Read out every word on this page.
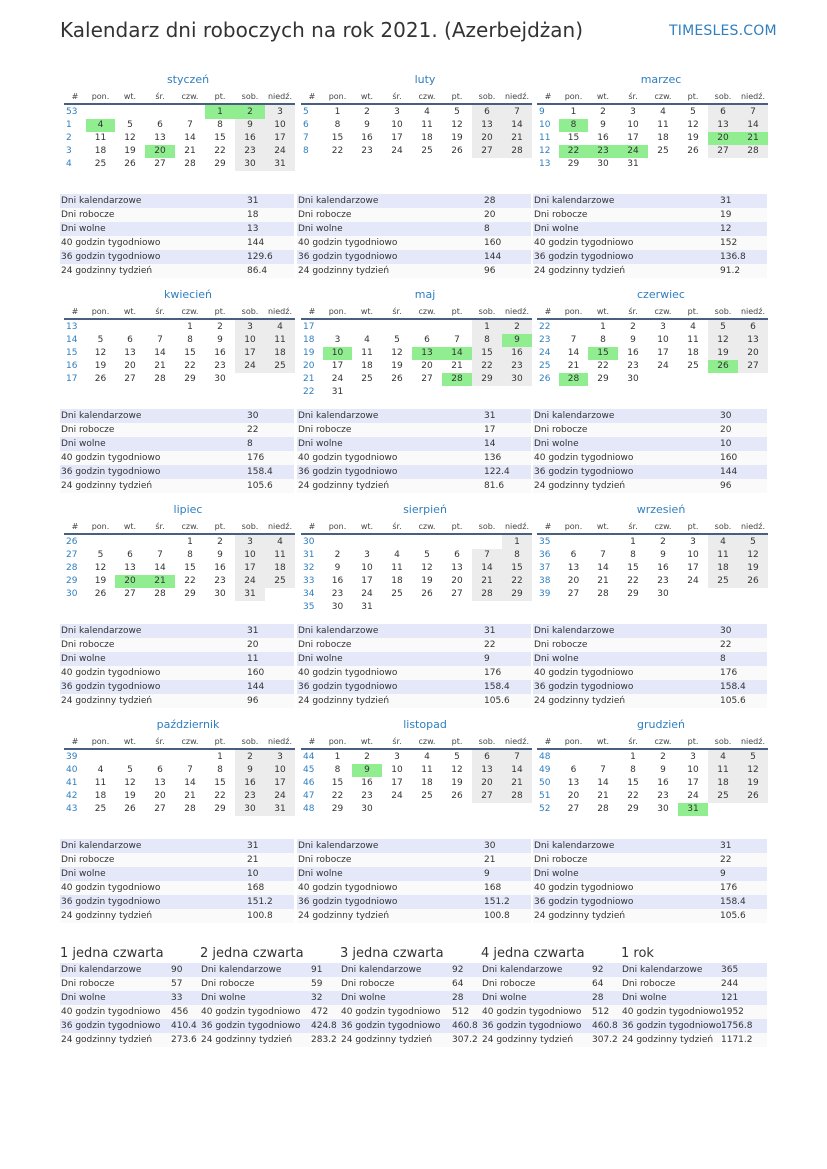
Kalendarz dni roboczych na rok 2021. (Azerbejdżan)	TIMESLES.COM
styczeń
#	pon.	wt.	śr.	czw.	pt.	sob.	niedź.
53					1	2	3
1	4	5	6	7	8	9	10
2	11	12	13	14	15	16	17
3	18	19	20	21	22	23	24
4	25	26	27	28	29	30	31
Dni kalendarzowe	31
Dni robocze	18
Dni wolne	13
40 godzin tygodniowo	144
36 godzin tygodniowo	129.6
24 godzinny tydzień	86.4
luty
#	pon.	wt.	śr.	czw.	pt.	sob.	niedź.
5	1	2	3	4	5	6	7
6	8	9	10	11	12	13	14
7	15	16	17	18	19	20	21
8	22	23	24	25	26	27	28
Dni kalendarzowe	28
Dni robocze	20
Dni wolne	8
40 godzin tygodniowo	160
36 godzin tygodniowo	144
24 godzinny tydzień	96
marzec
#	pon.	wt.	śr.	czw.	pt.	sob.	niedź.
9	1	2	3	4	5	6	7
10	8	9	10	11	12	13	14
11	15	16	17	18	19	20	21
12	22	23	24	25	26	27	28
13	29	30	31				
Dni kalendarzowe	31
Dni robocze	19
Dni wolne	12
40 godzin tygodniowo	152
36 godzin tygodniowo	136.8
24 godzinny tydzień	91.2
kwiecień
#	pon.	wt.	śr.	czw.	pt.	sob.	niedź.
13				1	2	3	4
14	5	6	7	8	9	10	11
15	12	13	14	15	16	17	18
16	19	20	21	22	23	24	25
17	26	27	28	29	30		
Dni kalendarzowe	30
Dni robocze	22
Dni wolne	8
40 godzin tygodniowo	176
36 godzin tygodniowo	158.4
24 godzinny tydzień	105.6
maj
#	pon.	wt.	śr.	czw.	pt.	sob.	niedź.
17						1	2
18	3	4	5	6	7	8	9
19	10	11	12	13	14	15	16
20	17	18	19	20	21	22	23
21	24	25	26	27	28	29	30
22	31						
Dni kalendarzowe	31
Dni robocze	17
Dni wolne	14
40 godzin tygodniowo	136
36 godzin tygodniowo	122.4
24 godzinny tydzień	81.6
czerwiec
#	pon.	wt.	śr.	czw.	pt.	sob.	niedź.
22		1	2	3	4	5	6
23	7	8	9	10	11	12	13
24	14	15	16	17	18	19	20
25	21	22	23	24	25	26	27
26	28	29	30				
Dni kalendarzowe	30
Dni robocze	20
Dni wolne	10
40 godzin tygodniowo	160
36 godzin tygodniowo	144
24 godzinny tydzień	96
lipiec
#	pon.	wt.	śr.	czw.	pt.	sob.	niedź.
26				1	2	3	4
27	5	6	7	8	9	10	11
28	12	13	14	15	16	17	18
29	19	20	21	22	23	24	25
30	26	27	28	29	30	31	
Dni kalendarzowe	31
Dni robocze	20
Dni wolne	11
40 godzin tygodniowo	160
36 godzin tygodniowo	144
24 godzinny tydzień	96
sierpień
#	pon.	wt.	śr.	czw.	pt.	sob.	niedź.
30							1
31	2	3	4	5	6	7	8
32	9	10	11	12	13	14	15
33	16	17	18	19	20	21	22
34	23	24	25	26	27	28	29
35	30	31					
Dni kalendarzowe	31
Dni robocze	22
Dni wolne	9
40 godzin tygodniowo	176
36 godzin tygodniowo	158.4
24 godzinny tydzień	105.6
wrzesień
#	pon.	wt.	śr.	czw.	pt.	sob.	niedź.
35			1	2	3	4	5
36	6	7	8	9	10	11	12
37	13	14	15	16	17	18	19
38	20	21	22	23	24	25	26
39	27	28	29	30			
Dni kalendarzowe	30
Dni robocze	22
Dni wolne	8
40 godzin tygodniowo	176
36 godzin tygodniowo	158.4
24 godzinny tydzień	105.6
październik
#	pon.	wt.	śr.	czw.	pt.	sob.	niedź.
39					1	2	3
40	4	5	6	7	8	9	10
41	11	12	13	14	15	16	17
42	18	19	20	21	22	23	24
43	25	26	27	28	29	30	31
Dni kalendarzowe	31
Dni robocze	21
Dni wolne	10
40 godzin tygodniowo	168
36 godzin tygodniowo	151.2
24 godzinny tydzień	100.8
listopad
#	pon.	wt.	śr.	czw.	pt.	sob.	niedź.
44	1	2	3	4	5	6	7
45	8	9	10	11	12	13	14
46	15	16	17	18	19	20	21
47	22	23	24	25	26	27	28
48	29	30					
Dni kalendarzowe	30
Dni robocze	21
Dni wolne	9
40 godzin tygodniowo	168
36 godzin tygodniowo	151.2
24 godzinny tydzień	100.8
grudzień
#	pon.	wt.	śr.	czw.	pt.	sob.	niedź.
48			1	2	3	4	5
49	6	7	8	9	10	11	12
50	13	14	15	16	17	18	19
51	20	21	22	23	24	25	26
52	27	28	29	30	31		
Dni kalendarzowe	31
Dni robocze	22
Dni wolne	9
40 godzin tygodniowo	176
36 godzin tygodniowo	158.4
24 godzinny tydzień	105.6
1 jedna czwarta
Dni kalendarzowe	90
Dni robocze	57
Dni wolne	33
40 godzin tygodniowo	456
36 godzin tygodniowo	410.4
24 godzinny tydzień	273.6
2 jedna czwarta
Dni kalendarzowe	91
Dni robocze	59
Dni wolne	32
40 godzin tygodniowo	472
36 godzin tygodniowo	424.8
24 godzinny tydzień	283.2
3 jedna czwarta
Dni kalendarzowe	92
Dni robocze	64
Dni wolne	28
40 godzin tygodniowo	512
36 godzin tygodniowo	460.8
24 godzinny tydzień	307.2
4 jedna czwarta
Dni kalendarzowe	92
Dni robocze	64
Dni wolne	28
40 godzin tygodniowo	512
36 godzin tygodniowo	460.8
24 godzinny tydzień	307.2
1 rok
Dni kalendarzowe	365
Dni robocze	244
Dni wolne	121
40 godzin tygodniowo	1952
36 godzin tygodniowo	1756.8
24 godzinny tydzień	1171.2
